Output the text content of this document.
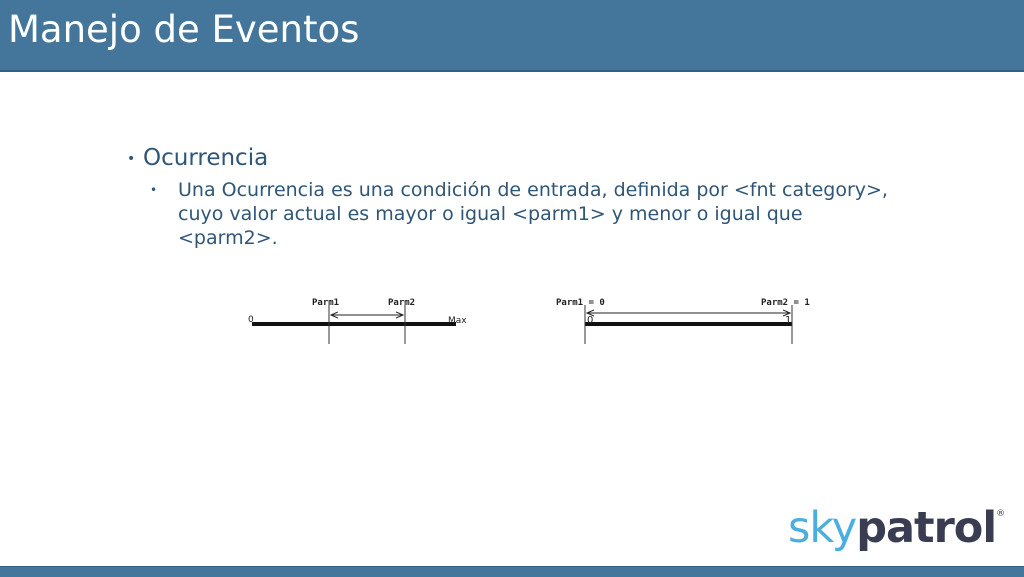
Manejo de Eventos
• Ocurrencia
• Una Ocurrencia es una condición de entrada, definida por <fnt category>, cuyo valor actual es mayor o igual <parm1> y menor o igual que <parm2>.
Parm1	Parm2
0	Max
Parm1 = 0	Parm2 = 1
0	1
skypatrol®
